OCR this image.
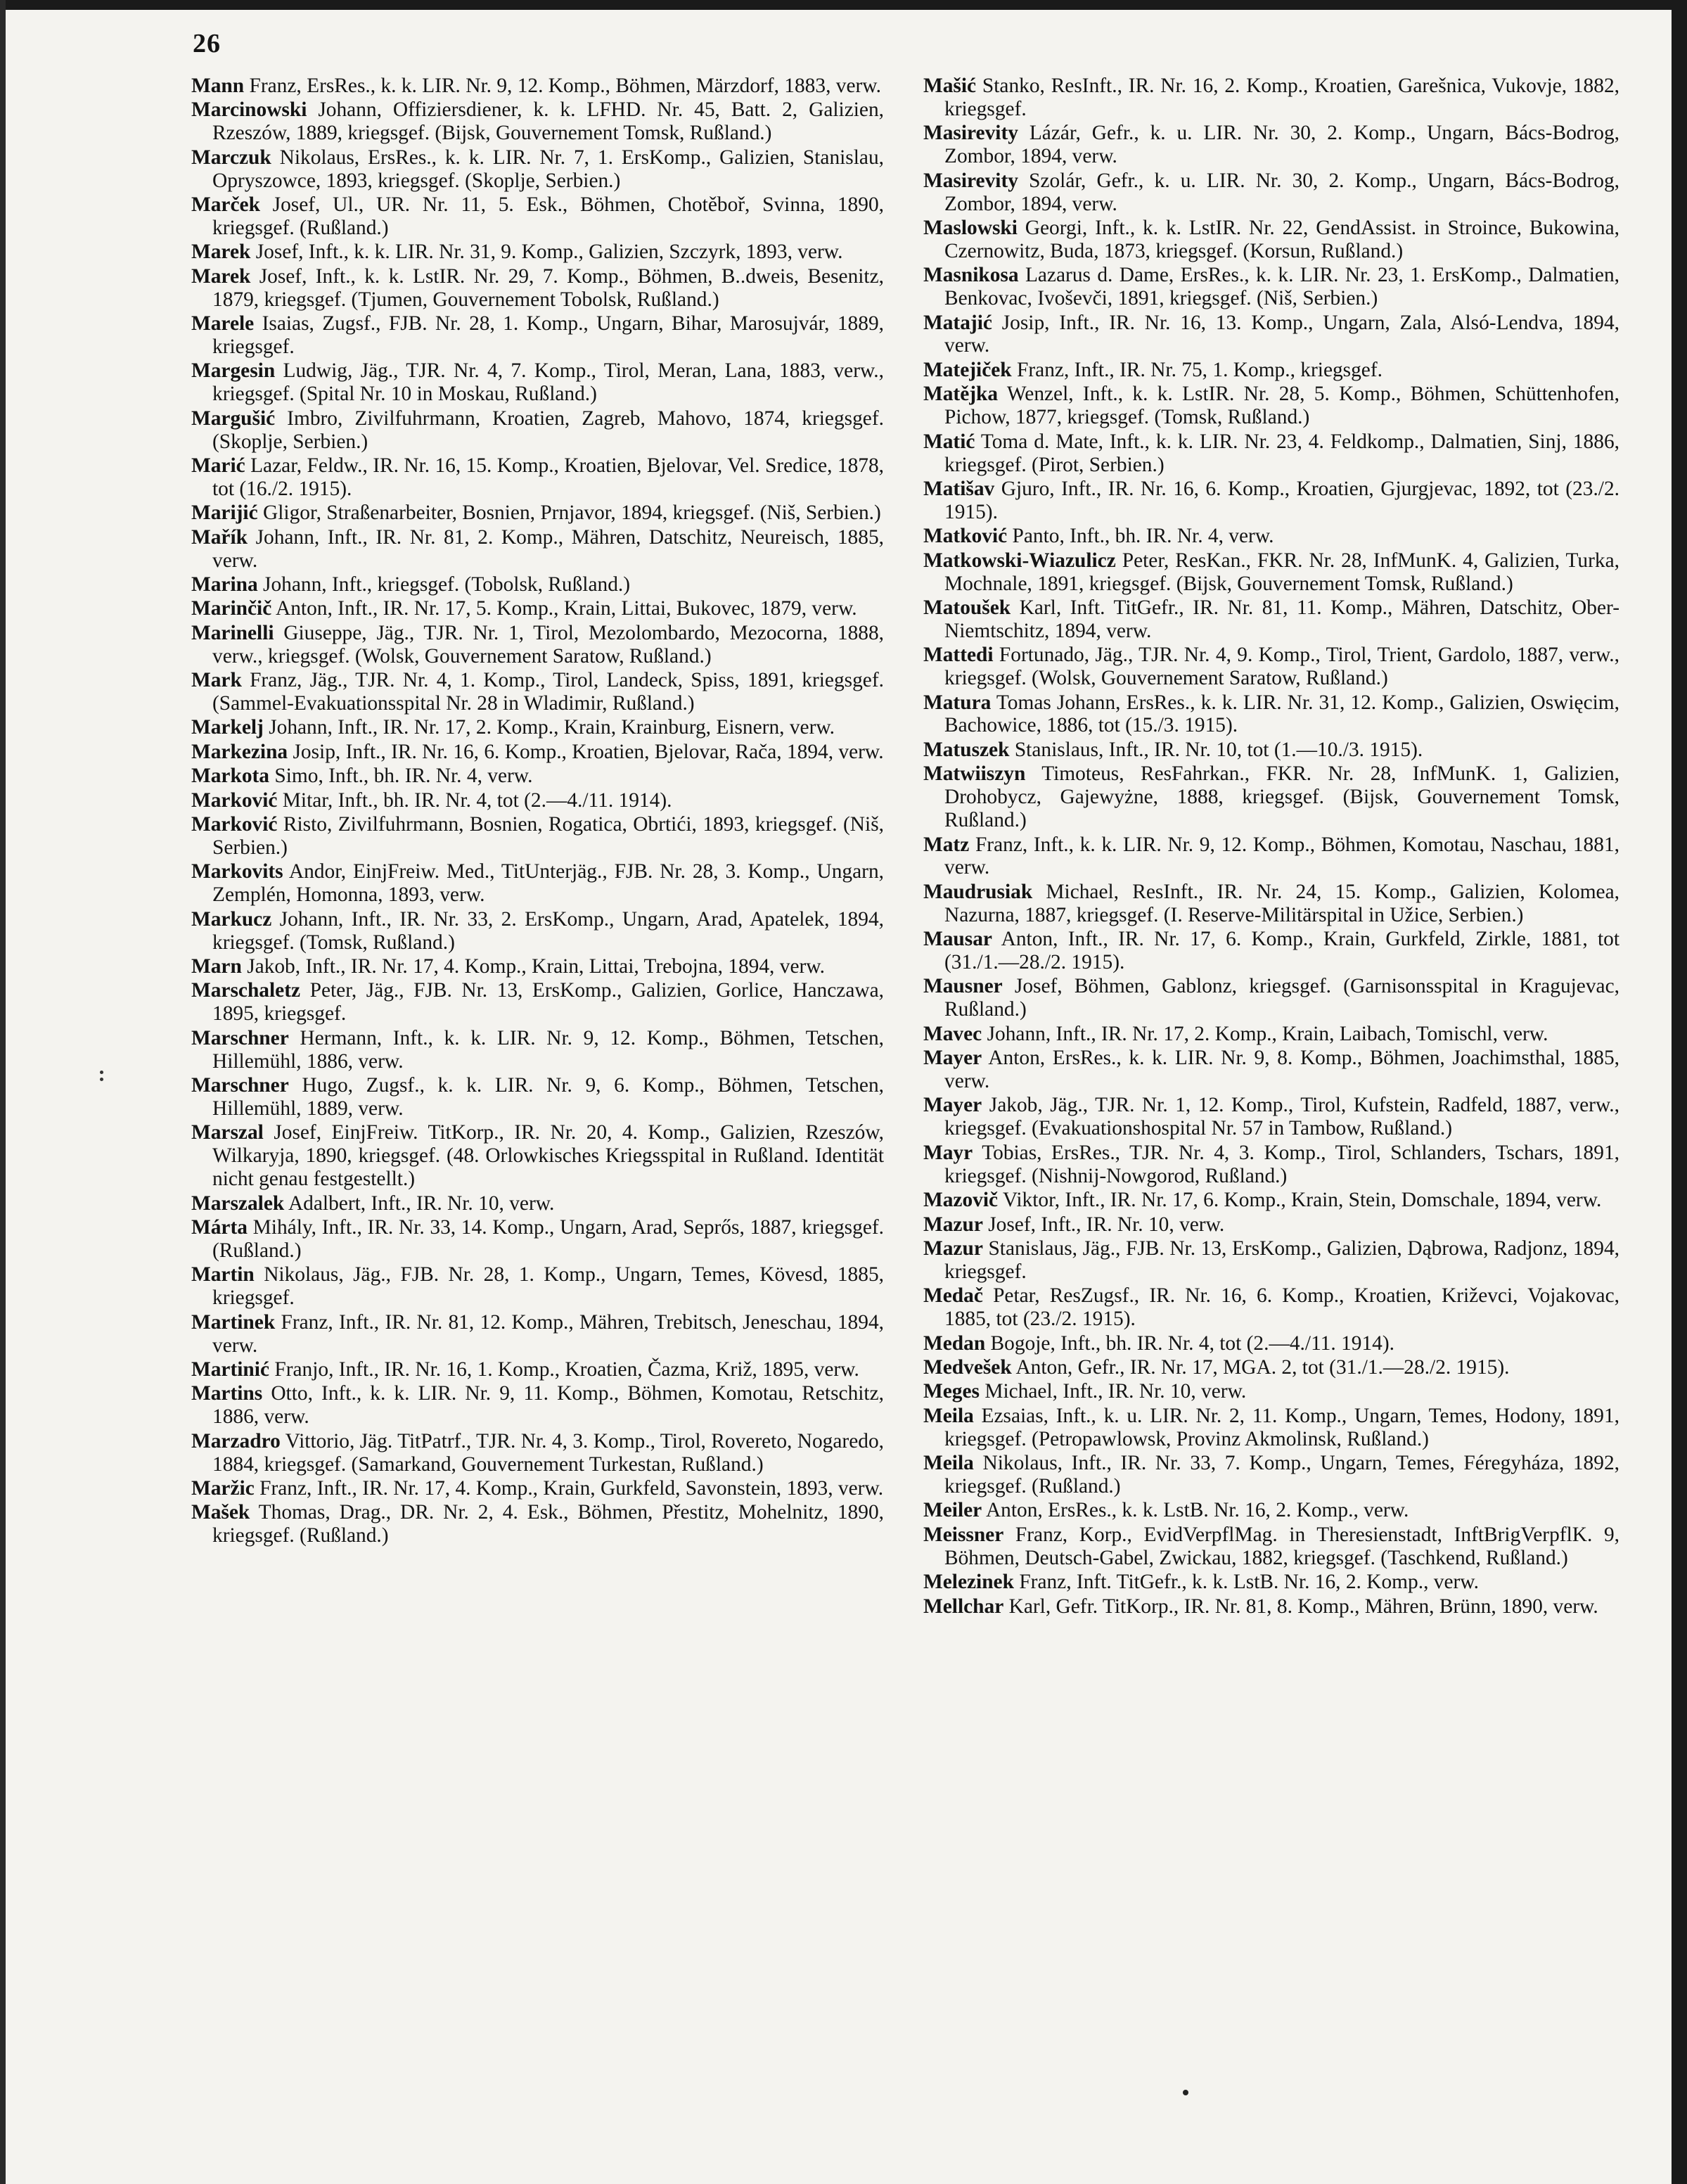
26

Mann Franz, ErsRes., k. k. LIR. Nr. 9, 12. Komp., Böhmen, Märzdorf, 1883, verw.

Marcinowski Johann, Offiziersdiener, k. k. LFHD. Nr. 45, Batt. 2, Galizien, Rzeszów, 1889, kriegsgef. (Bijsk, Gouvernement Tomsk, Rußland.)

Marczuk Nikolaus, ErsRes., k. k. LIR. Nr. 7, 1. ErsKomp., Galizien, Stanislau, Opryszowce, 1893, kriegsgef. (Skoplje, Serbien.)

Marček Josef, Ul., UR. Nr. 11, 5. Esk., Böhmen, Chotěboř, Svinna, 1890, kriegsgef. (Rußland.)

Marek Josef, Inft., k. k. LIR. Nr. 31, 9. Komp., Galizien, Szczyrk, 1893, verw.

Marek Josef, Inft., k. k. LstIR. Nr. 29, 7. Komp., Böhmen, B..dweis, Besenitz, 1879, kriegsgef. (Tjumen, Gouvernement Tobolsk, Rußland.)

Marele Isaias, Zugsf., FJB. Nr. 28, 1. Komp., Ungarn, Bihar, Marosujvár, 1889, kriegsgef.

Margesin Ludwig, Jäg., TJR. Nr. 4, 7. Komp., Tirol, Meran, Lana, 1883, verw., kriegsgef. (Spital Nr. 10 in Moskau, Rußland.)

Margušić Imbro, Zivilfuhrmann, Kroatien, Zagreb, Mahovo, 1874, kriegsgef. (Skoplje, Serbien.)

Marić Lazar, Feldw., IR. Nr. 16, 15. Komp., Kroatien, Bjelovar, Vel. Sredice, 1878, tot (16./2. 1915).

Marijić Gligor, Straßenarbeiter, Bosnien, Prnjavor, 1894, kriegsgef. (Niš, Serbien.)

Mařík Johann, Inft., IR. Nr. 81, 2. Komp., Mähren, Datschitz, Neureisch, 1885, verw.

Marina Johann, Inft., kriegsgef. (Tobolsk, Rußland.)

Marinčič Anton, Inft., IR. Nr. 17, 5. Komp., Krain, Littai, Bukovec, 1879, verw.

Marinelli Giuseppe, Jäg., TJR. Nr. 1, Tirol, Mezolombardo, Mezocorna, 1888, verw., kriegsgef. (Wolsk, Gouvernement Saratow, Rußland.)

Mark Franz, Jäg., TJR. Nr. 4, 1. Komp., Tirol, Landeck, Spiss, 1891, kriegsgef. (Sammel-Evakuationsspital Nr. 28 in Wladimir, Rußland.)

Markelj Johann, Inft., IR. Nr. 17, 2. Komp., Krain, Krainburg, Eisnern, verw.

Markezina Josip, Inft., IR. Nr. 16, 6. Komp., Kroatien, Bjelovar, Rača, 1894, verw.

Markota Simo, Inft., bh. IR. Nr. 4, verw.

Marković Mitar, Inft., bh. IR. Nr. 4, tot (2.—4./11. 1914).

Marković Risto, Zivilfuhrmann, Bosnien, Rogatica, Obrtići, 1893, kriegsgef. (Niš, Serbien.)

Markovits Andor, EinjFreiw. Med., TitUnterjäg., FJB. Nr. 28, 3. Komp., Ungarn, Zemplén, Homonna, 1893, verw.

Markucz Johann, Inft., IR. Nr. 33, 2. ErsKomp., Ungarn, Arad, Apatelek, 1894, kriegsgef. (Tomsk, Rußland.)

Marn Jakob, Inft., IR. Nr. 17, 4. Komp., Krain, Littai, Trebojna, 1894, verw.

Marschaletz Peter, Jäg., FJB. Nr. 13, ErsKomp., Galizien, Gorlice, Hanczawa, 1895, kriegsgef.

Marschner Hermann, Inft., k. k. LIR. Nr. 9, 12. Komp., Böhmen, Tetschen, Hillemühl, 1886, verw.

Marschner Hugo, Zugsf., k. k. LIR. Nr. 9, 6. Komp., Böhmen, Tetschen, Hillemühl, 1889, verw.

Marszal Josef, EinjFreiw. TitKorp., IR. Nr. 20, 4. Komp., Galizien, Rzeszów, Wilkaryja, 1890, kriegsgef. (48. Orlowkisches Kriegsspital in Rußland. Identität nicht genau festgestellt.)

Marszalek Adalbert, Inft., IR. Nr. 10, verw.

Márta Mihály, Inft., IR. Nr. 33, 14. Komp., Ungarn, Arad, Seprős, 1887, kriegsgef. (Rußland.)

Martin Nikolaus, Jäg., FJB. Nr. 28, 1. Komp., Ungarn, Temes, Kövesd, 1885, kriegsgef.

Martinek Franz, Inft., IR. Nr. 81, 12. Komp., Mähren, Trebitsch, Jeneschau, 1894, verw.

Martinić Franjo, Inft., IR. Nr. 16, 1. Komp., Kroatien, Čazma, Križ, 1895, verw.

Martins Otto, Inft., k. k. LIR. Nr. 9, 11. Komp., Böhmen, Komotau, Retschitz, 1886, verw.

Marzadro Vittorio, Jäg. TitPatrf., TJR. Nr. 4, 3. Komp., Tirol, Rovereto, Nogaredo, 1884, kriegsgef. (Samarkand, Gouvernement Turkestan, Rußland.)

Maržic Franz, Inft., IR. Nr. 17, 4. Komp., Krain, Gurkfeld, Savonstein, 1893, verw.

Mašek Thomas, Drag., DR. Nr. 2, 4. Esk., Böhmen, Přestitz, Mohelnitz, 1890, kriegsgef. (Rußland.)

Mašić Stanko, ResInft., IR. Nr. 16, 2. Komp., Kroatien, Garešnica, Vukovje, 1882, kriegsgef.

Masirevity Lázár, Gefr., k. u. LIR. Nr. 30, 2. Komp., Ungarn, Bács-Bodrog, Zombor, 1894, verw.

Masirevity Szolár, Gefr., k. u. LIR. Nr. 30, 2. Komp., Ungarn, Bács-Bodrog, Zombor, 1894, verw.

Maslowski Georgi, Inft., k. k. LstIR. Nr. 22, GendAssist. in Stroince, Bukowina, Czernowitz, Buda, 1873, kriegsgef. (Korsun, Rußland.)

Masnikosa Lazarus d. Dame, ErsRes., k. k. LIR. Nr. 23, 1. ErsKomp., Dalmatien, Benkovac, Ivoševči, 1891, kriegsgef. (Niš, Serbien.)

Matajić Josip, Inft., IR. Nr. 16, 13. Komp., Ungarn, Zala, Alsó-Lendva, 1894, verw.

Matejiček Franz, Inft., IR. Nr. 75, 1. Komp., kriegsgef.

Matějka Wenzel, Inft., k. k. LstIR. Nr. 28, 5. Komp., Böhmen, Schüttenhofen, Pichow, 1877, kriegsgef. (Tomsk, Rußland.)

Matić Toma d. Mate, Inft., k. k. LIR. Nr. 23, 4. Feldkomp., Dalmatien, Sinj, 1886, kriegsgef. (Pirot, Serbien.)

Matišav Gjuro, Inft., IR. Nr. 16, 6. Komp., Kroatien, Gjurgjevac, 1892, tot (23./2. 1915).

Matković Panto, Inft., bh. IR. Nr. 4, verw.

Matkowski-Wiazulicz Peter, ResKan., FKR. Nr. 28, InfMunK. 4, Galizien, Turka, Mochnale, 1891, kriegsgef. (Bijsk, Gouvernement Tomsk, Rußland.)

Matoušek Karl, Inft. TitGefr., IR. Nr. 81, 11. Komp., Mähren, Datschitz, Ober-Niemtschitz, 1894, verw.

Mattedi Fortunado, Jäg., TJR. Nr. 4, 9. Komp., Tirol, Trient, Gardolo, 1887, verw., kriegsgef. (Wolsk, Gouvernement Saratow, Rußland.)

Matura Tomas Johann, ErsRes., k. k. LIR. Nr. 31, 12. Komp., Galizien, Oswięcim, Bachowice, 1886, tot (15./3. 1915).

Matuszek Stanislaus, Inft., IR. Nr. 10, tot (1.—10./3. 1915).

Matwiiszyn Timoteus, ResFahrkan., FKR. Nr. 28, InfMunK. 1, Galizien, Drohobycz, Gajewyżne, 1888, kriegsgef. (Bijsk, Gouvernement Tomsk, Rußland.)

Matz Franz, Inft., k. k. LIR. Nr. 9, 12. Komp., Böhmen, Komotau, Naschau, 1881, verw.

Maudrusiak Michael, ResInft., IR. Nr. 24, 15. Komp., Galizien, Kolomea, Nazurna, 1887, kriegsgef. (I. Reserve-Militärspital in Užice, Serbien.)

Mausar Anton, Inft., IR. Nr. 17, 6. Komp., Krain, Gurkfeld, Zirkle, 1881, tot (31./1.—28./2. 1915).

Mausner Josef, Böhmen, Gablonz, kriegsgef. (Garnisonsspital in Kragujevac, Rußland.)

Mavec Johann, Inft., IR. Nr. 17, 2. Komp., Krain, Laibach, Tomischl, verw.

Mayer Anton, ErsRes., k. k. LIR. Nr. 9, 8. Komp., Böhmen, Joachimsthal, 1885, verw.

Mayer Jakob, Jäg., TJR. Nr. 1, 12. Komp., Tirol, Kufstein, Radfeld, 1887, verw., kriegsgef. (Evakuationshospital Nr. 57 in Tambow, Rußland.)

Mayr Tobias, ErsRes., TJR. Nr. 4, 3. Komp., Tirol, Schlanders, Tschars, 1891, kriegsgef. (Nishnij-Nowgorod, Rußland.)

Mazovič Viktor, Inft., IR. Nr. 17, 6. Komp., Krain, Stein, Domschale, 1894, verw.

Mazur Josef, Inft., IR. Nr. 10, verw.

Mazur Stanislaus, Jäg., FJB. Nr. 13, ErsKomp., Galizien, Dąbrowa, Radjonz, 1894, kriegsgef.

Medač Petar, ResZugsf., IR. Nr. 16, 6. Komp., Kroatien, Križevci, Vojakovac, 1885, tot (23./2. 1915).

Medan Bogoje, Inft., bh. IR. Nr. 4, tot (2.—4./11. 1914).

Medvešek Anton, Gefr., IR. Nr. 17, MGA. 2, tot (31./1.—28./2. 1915).

Meges Michael, Inft., IR. Nr. 10, verw.

Meila Ezsaias, Inft., k. u. LIR. Nr. 2, 11. Komp., Ungarn, Temes, Hodony, 1891, kriegsgef. (Petropawlowsk, Provinz Akmolinsk, Rußland.)

Meila Nikolaus, Inft., IR. Nr. 33, 7. Komp., Ungarn, Temes, Féregyháza, 1892, kriegsgef. (Rußland.)

Meiler Anton, ErsRes., k. k. LstB. Nr. 16, 2. Komp., verw.

Meissner Franz, Korp., EvidVerpflMag. in Theresienstadt, InftBrigVerpflK. 9, Böhmen, Deutsch-Gabel, Zwickau, 1882, kriegsgef. (Taschkend, Rußland.)

Melezinek Franz, Inft. TitGefr., k. k. LstB. Nr. 16, 2. Komp., verw.

Mellchar Karl, Gefr. TitKorp., IR. Nr. 81, 8. Komp., Mähren, Brünn, 1890, verw.
